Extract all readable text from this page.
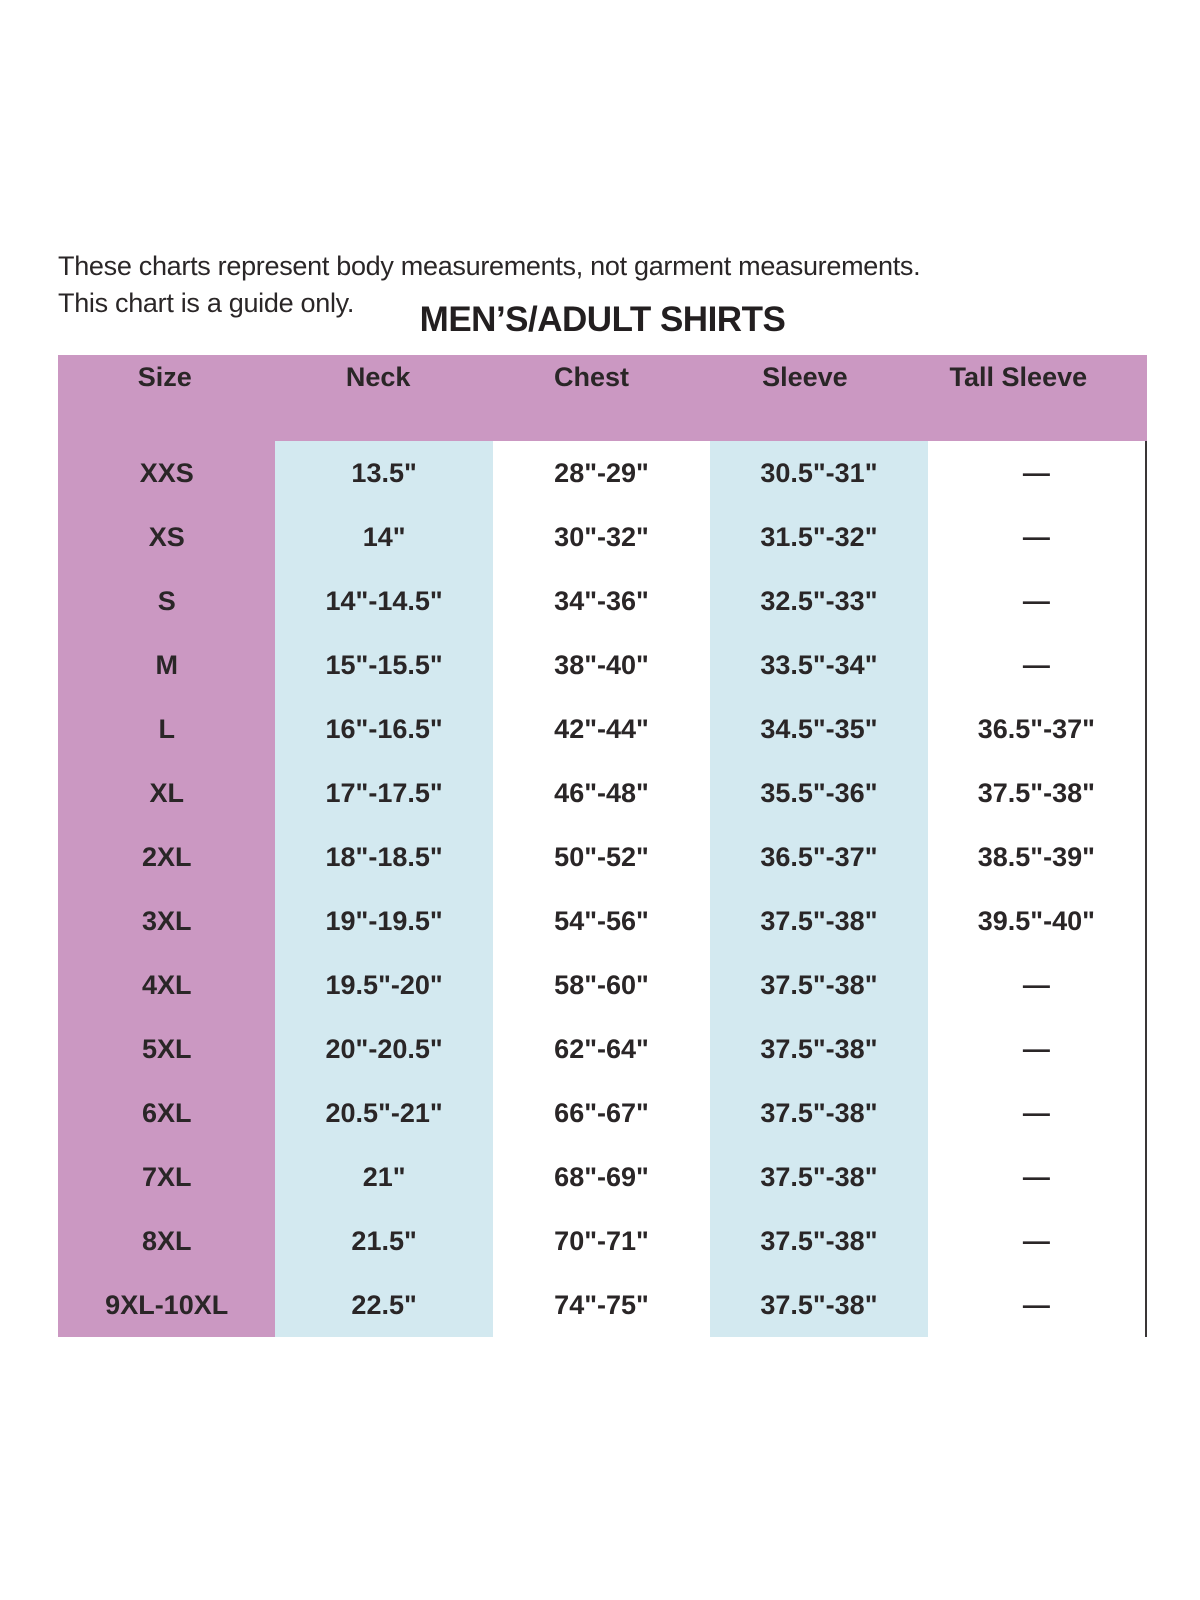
These charts represent body measurements, not garment measurements.
This chart is a guide only.	MEN’S/ADULT SHIRTS
Size	Neck	Chest	Sleeve	Tall Sleeve
XXS	13.5"	28"-29"	30.5"-31"	—
XS	14"	30"-32"	31.5"-32"	—
S	14"-14.5"	34"-36"	32.5"-33"	—
M	15"-15.5"	38"-40"	33.5"-34"	—
L	16"-16.5"	42"-44"	34.5"-35"	36.5"-37"
XL	17"-17.5"	46"-48"	35.5"-36"	37.5"-38"
2XL	18"-18.5"	50"-52"	36.5"-37"	38.5"-39"
3XL	19"-19.5"	54"-56"	37.5"-38"	39.5"-40"
4XL	19.5"-20"	58"-60"	37.5"-38"	—
5XL	20"-20.5"	62"-64"	37.5"-38"	—
6XL	20.5"-21"	66"-67"	37.5"-38"	—
7XL	21"	68"-69"	37.5"-38"	—
8XL	21.5"	70"-71"	37.5"-38"	—
9XL-10XL	22.5"	74"-75"	37.5"-38"	—
